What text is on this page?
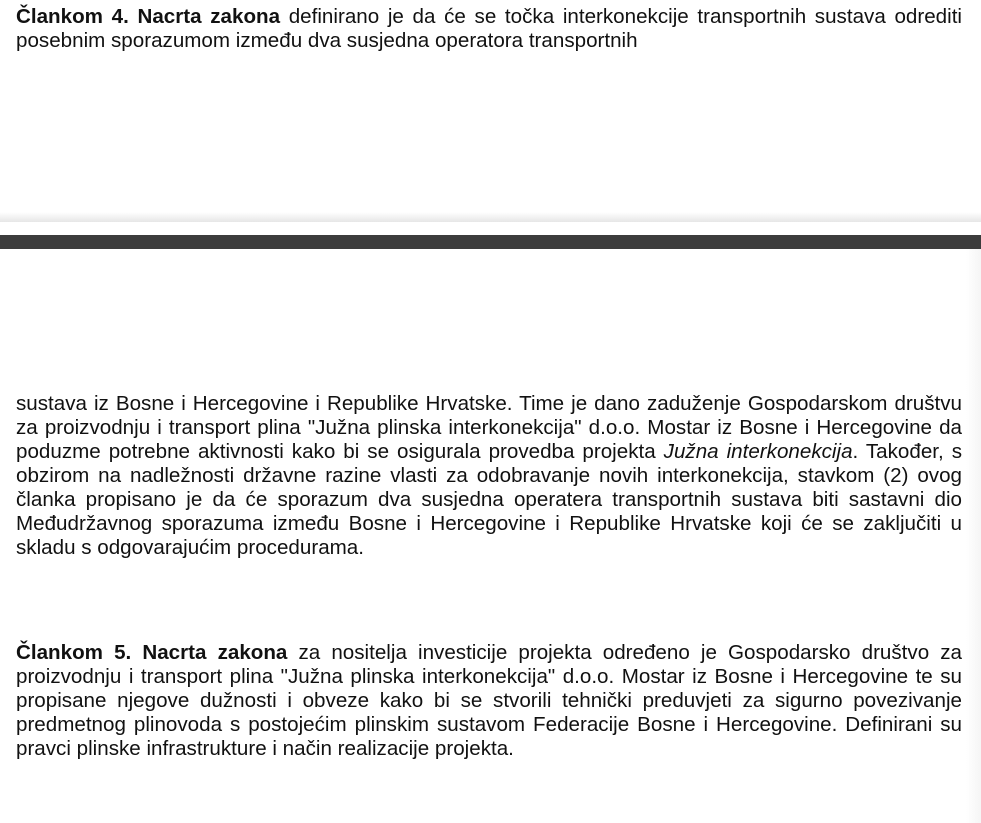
Člankom 4. Nacrta zakona definirano je da će se točka interkonekcije transportnih sustava odrediti posebnim sporazumom između dva susjedna operatora transportnih

sustava iz Bosne i Hercegovine i Republike Hrvatske. Time je dano zaduženje Gospodarskom društvu za proizvodnju i transport plina "Južna plinska interkonekcija" d.o.o. Mostar iz Bosne i Hercegovine da poduzme potrebne aktivnosti kako bi se osigurala provedba projekta Južna interkonekcija. Također, s obzirom na nadležnosti državne razine vlasti za odobravanje novih interkonekcija, stavkom (2) ovog članka propisano je da će sporazum dva susjedna operatera transportnih sustava biti sastavni dio Međudržavnog sporazuma između Bosne i Hercegovine i Republike Hrvatske koji će se zaključiti u skladu s odgovarajućim procedurama.

Člankom 5. Nacrta zakona za nositelja investicije projekta određeno je Gospodarsko društvo za proizvodnju i transport plina "Južna plinska interkonekcija" d.o.o. Mostar iz Bosne i Hercegovine te su propisane njegove dužnosti i obveze kako bi se stvorili tehnički preduvjeti za sigurno povezivanje predmetnog plinovoda s postojećim plinskim sustavom Federacije Bosne i Hercegovine. Definirani su pravci plinske infrastrukture i način realizacije projekta.
